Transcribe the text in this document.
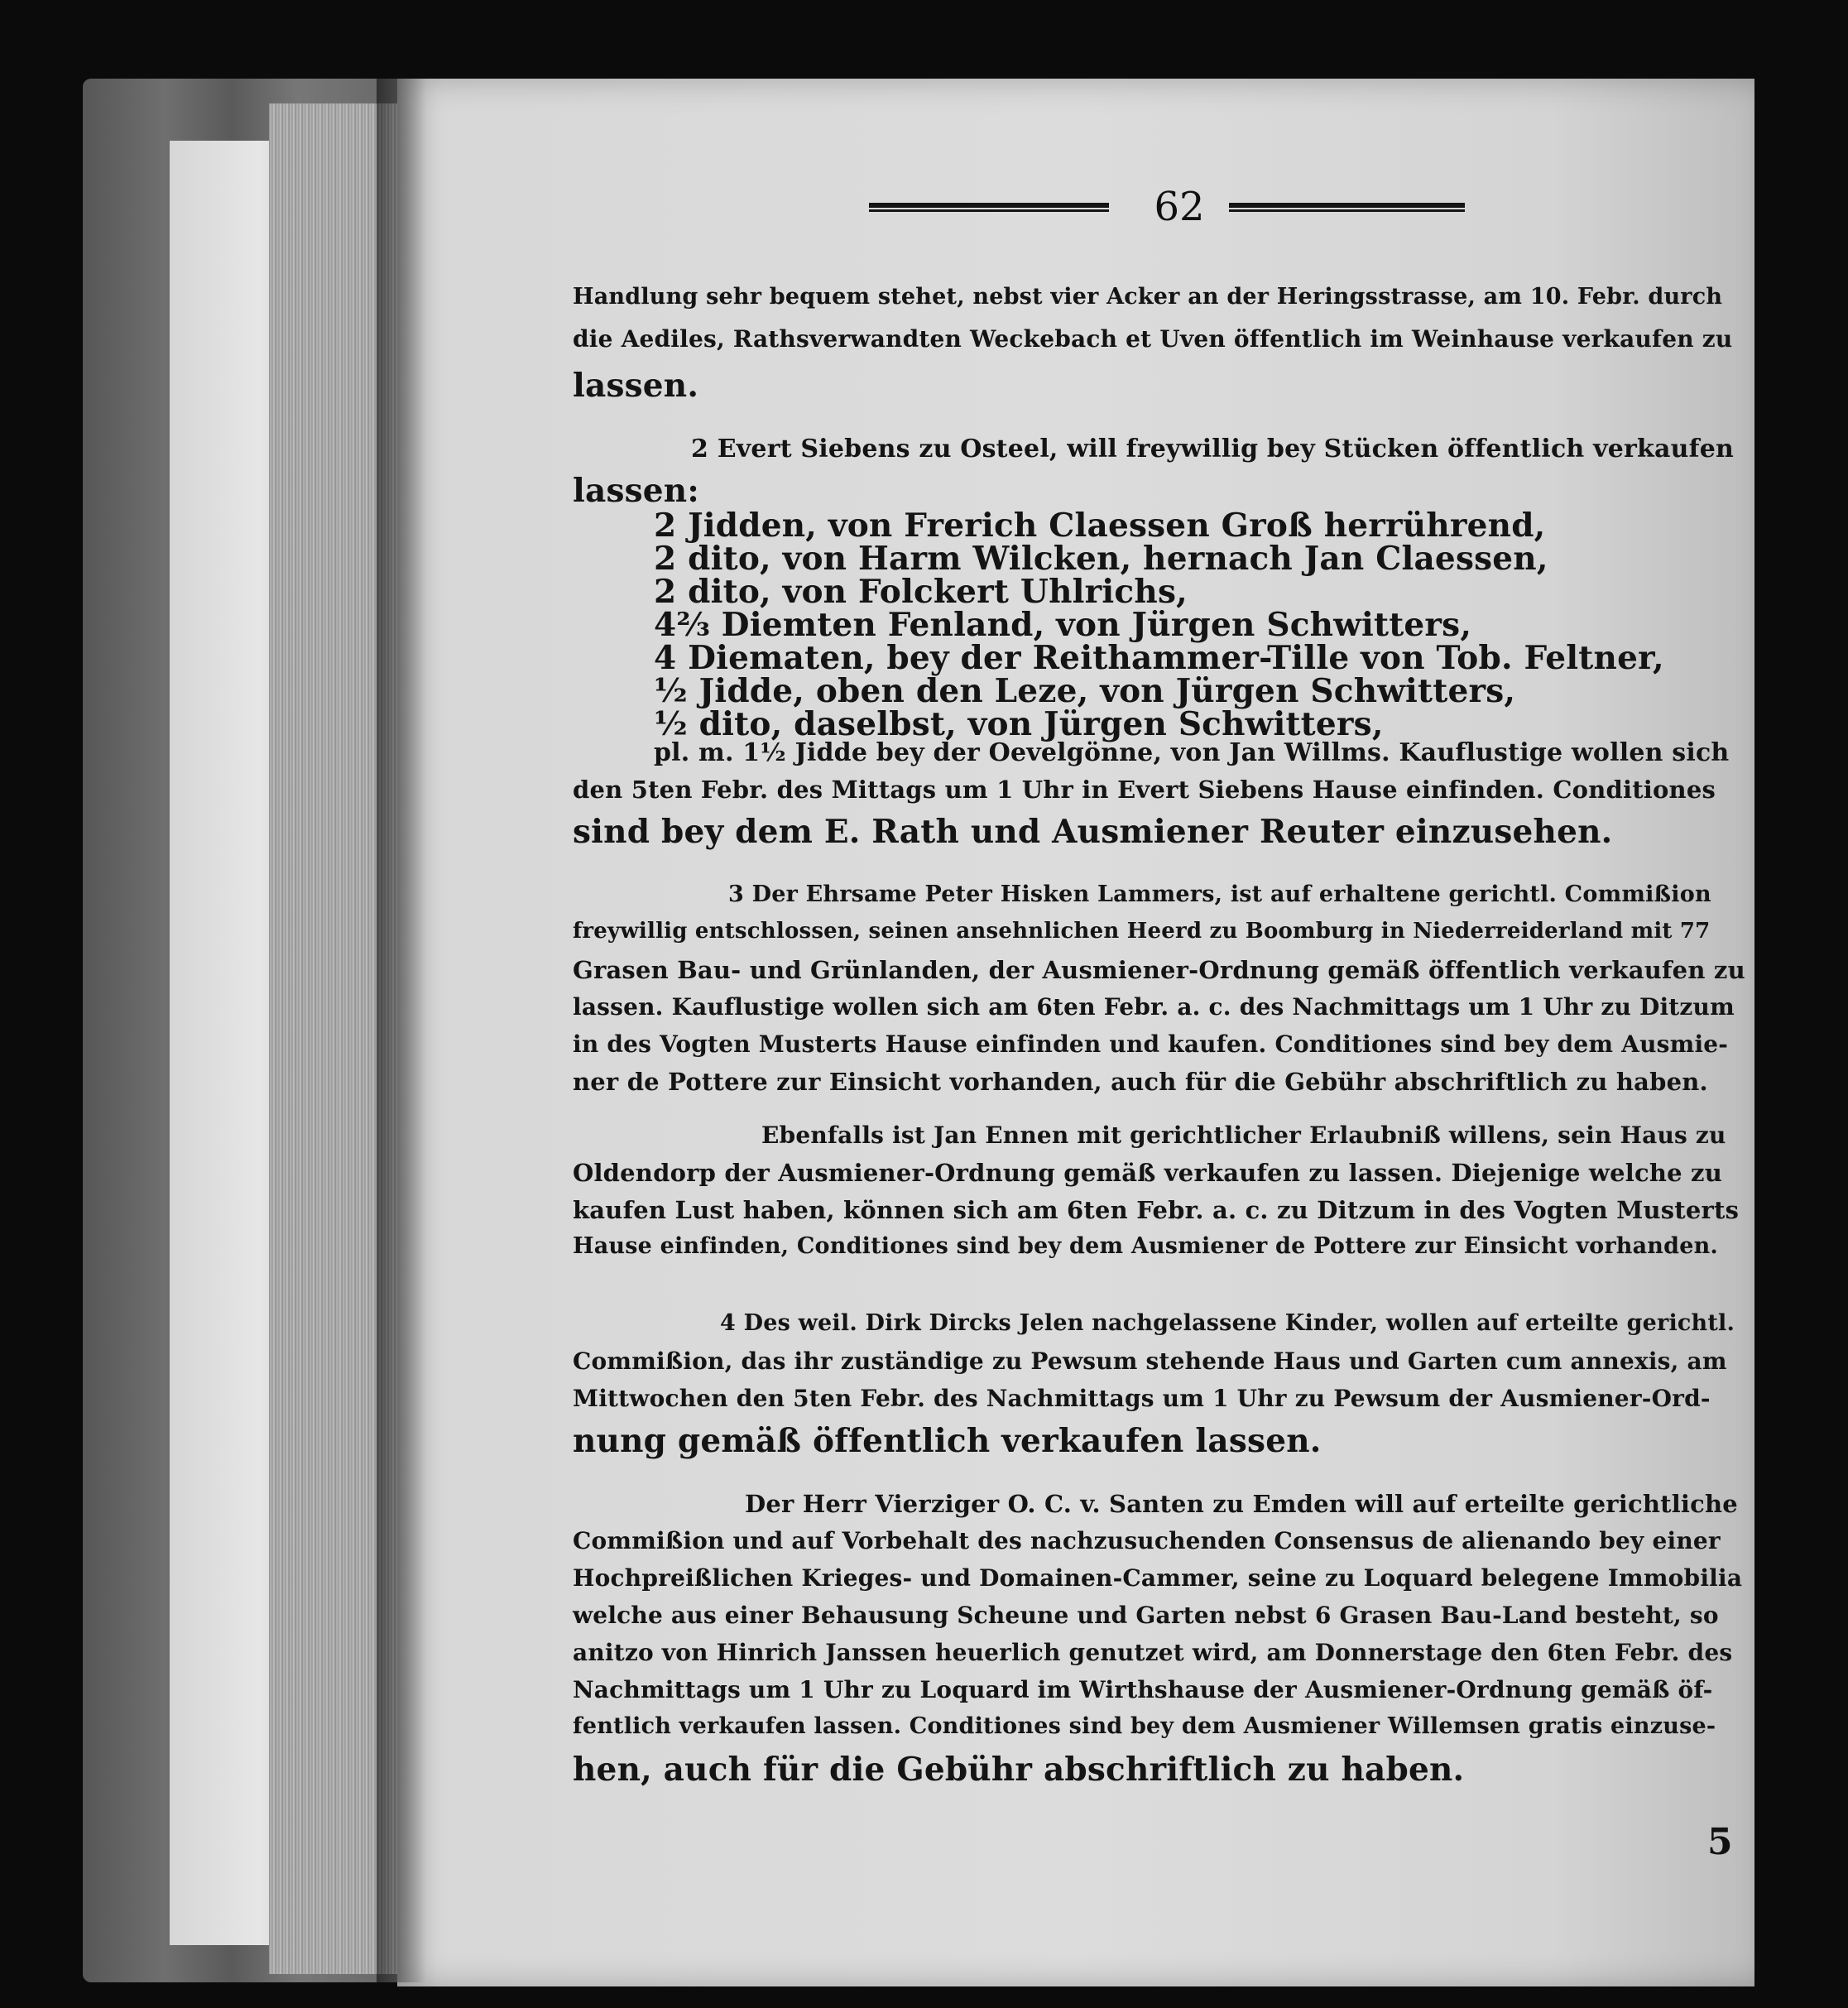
62
Handlung sehr bequem stehet, nebst vier Acker an der Heringsstrasse, am 10. Febr. durch
die Aediles, Rathsverwandten Weckebach et Uven öffentlich im Weinhause verkaufen zu
lassen.
2 Evert Siebens zu Osteel, will freywillig bey Stücken öffentlich verkaufen
lassen:
2 Jidden, von Frerich Claessen Groß herrührend,
2 dito, von Harm Wilcken, hernach Jan Claessen,
2 dito, von Folckert Uhlrichs,
4⅔ Diemten Fenland, von Jürgen Schwitters,
4 Diematen, bey der Reithammer-Tille von Tob. Feltner,
½ Jidde, oben den Leze, von Jürgen Schwitters,
½ dito, daselbst, von Jürgen Schwitters,
pl. m. 1½ Jidde bey der Oevelgönne, von Jan Willms. Kauflustige wollen sich
den 5ten Febr. des Mittags um 1 Uhr in Evert Siebens Hause einfinden. Conditiones
sind bey dem E. Rath und Ausmiener Reuter einzusehen.
3 Der Ehrsame Peter Hisken Lammers, ist auf erhaltene gerichtl. Commißion
freywillig entschlossen, seinen ansehnlichen Heerd zu Boomburg in Niederreiderland mit 77
Grasen Bau- und Grünlanden, der Ausmiener-Ordnung gemäß öffentlich verkaufen zu
lassen. Kauflustige wollen sich am 6ten Febr. a. c. des Nachmittags um 1 Uhr zu Ditzum
in des Vogten Musterts Hause einfinden und kaufen. Conditiones sind bey dem Ausmie-
ner de Pottere zur Einsicht vorhanden, auch für die Gebühr abschriftlich zu haben.
Ebenfalls ist Jan Ennen mit gerichtlicher Erlaubniß willens, sein Haus zu
Oldendorp der Ausmiener-Ordnung gemäß verkaufen zu lassen. Diejenige welche zu
kaufen Lust haben, können sich am 6ten Febr. a. c. zu Ditzum in des Vogten Musterts
Hause einfinden, Conditiones sind bey dem Ausmiener de Pottere zur Einsicht vorhanden.
4 Des weil. Dirk Dircks Jelen nachgelassene Kinder, wollen auf erteilte gerichtl.
Commißion, das ihr zuständige zu Pewsum stehende Haus und Garten cum annexis, am
Mittwochen den 5ten Febr. des Nachmittags um 1 Uhr zu Pewsum der Ausmiener-Ord-
nung gemäß öffentlich verkaufen lassen.
Der Herr Vierziger O. C. v. Santen zu Emden will auf erteilte gerichtliche
Commißion und auf Vorbehalt des nachzusuchenden Consensus de alienando bey einer
Hochpreißlichen Krieges- und Domainen-Cammer, seine zu Loquard belegene Immobilia
welche aus einer Behausung Scheune und Garten nebst 6 Grasen Bau-Land besteht, so
anitzo von Hinrich Janssen heuerlich genutzet wird, am Donnerstage den 6ten Febr. des
Nachmittags um 1 Uhr zu Loquard im Wirthshause der Ausmiener-Ordnung gemäß öf-
fentlich verkaufen lassen. Conditiones sind bey dem Ausmiener Willemsen gratis einzuse-
hen, auch für die Gebühr abschriftlich zu haben.
5
